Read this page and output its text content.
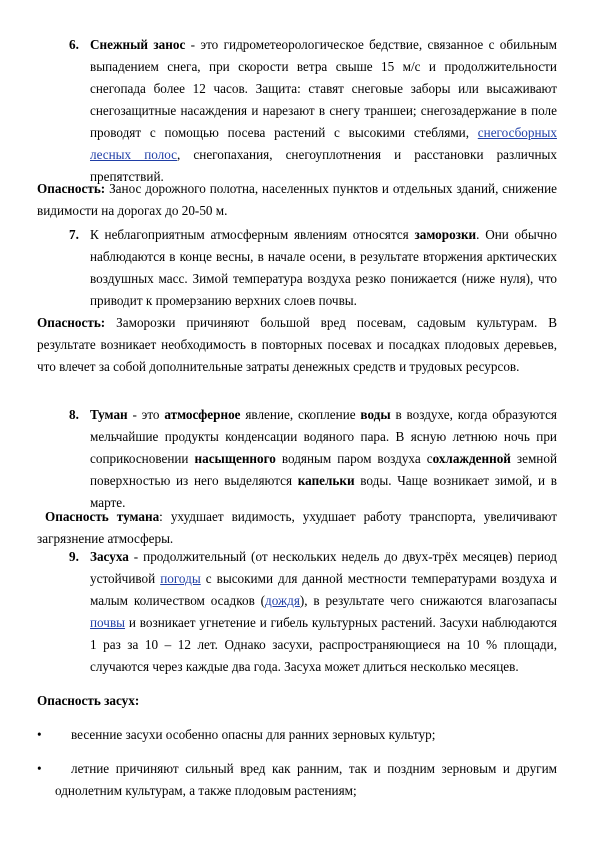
6. Снежный занос - это гидрометеорологическое бедствие, связанное с обильным выпадением снега, при скорости ветра свыше 15 м/с и продолжительности снегопада более 12 часов. Защита: ставят снеговые заборы или высаживают снегозащитные насаждения и нарезают в снегу траншеи; снегозадержание в поле проводят с помощью посева растений с высокими стеблями, снегосборных лесных полос, снегопахания, снегоуплотнения и расстановки различных препятствий.

Опасность: Занос дорожного полотна, населенных пунктов и отдельных зданий, снижение видимости на дорогах до 20-50 м.

7. К неблагоприятным атмосферным явлениям относятся заморозки. Они обычно наблюдаются в конце весны, в начале осени, в результате вторжения арктических воздушных масс. Зимой температура воздуха резко понижается (ниже нуля), что приводит к промерзанию верхних слоев почвы.

Опасность: Заморозки причиняют большой вред посевам, садовым культурам. В результате возникает необходимость в повторных посевах и посадках плодовых деревьев, что влечет за собой дополнительные затраты денежных средств и трудовых ресурсов.

8. Туман - это атмосферное явление, скопление воды в воздухе, когда образуются мельчайшие продукты конденсации водяного пара. В ясную летнюю ночь при соприкосновении насыщенного водяным паром воздуха сохлажденной земной поверхностью из него выделяются капельки воды. Чаще возникает зимой, и в марте.

Опасность тумана: ухудшает видимость, ухудшает работу транспорта, увеличивают загрязнение атмосферы.

9. Засуха - продолжительный (от нескольких недель до двух-трёх месяцев) период устойчивой погоды с высокими для данной местности температурами воздуха и малым количеством осадков (дождя), в результате чего снижаются влагозапасы почвы и возникает угнетение и гибель культурных растений. Засухи наблюдаются 1 раз за 10 – 12 лет. Однако засухи, распространяющиеся на 10 % площади, случаются через каждые два года. Засуха может длиться несколько месяцев.

Опасность засух:

•	весенние засухи особенно опасны для ранних зерновых культур;

•	летние причиняют сильный вред как ранним, так и поздним зерновым и другим однолетним культурам, а также плодовым растениям;
